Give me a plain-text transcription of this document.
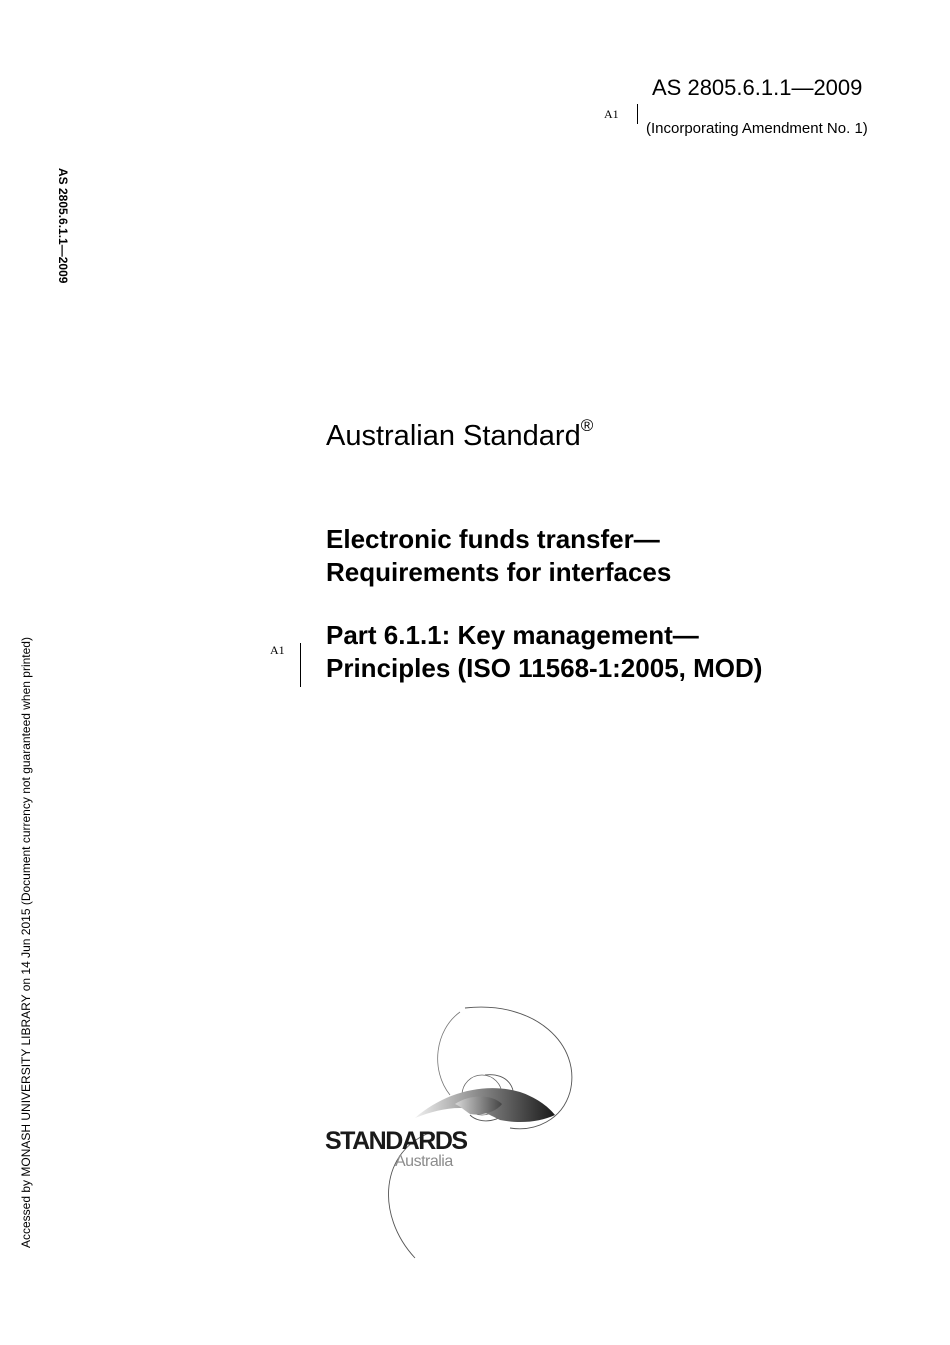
AS 2805.6.1.1—2009
A1
(Incorporating Amendment No. 1)
AS 2805.6.1.1—2009
Accessed by MONASH UNIVERSITY LIBRARY on 14 Jun 2015 (Document currency not guaranteed when printed)
Australian Standard®
Electronic funds transfer—
Requirements for interfaces
A1 Part 6.1.1: Key management—
Principles (ISO 11568-1:2005, MOD)
STANDARDS
Australia
